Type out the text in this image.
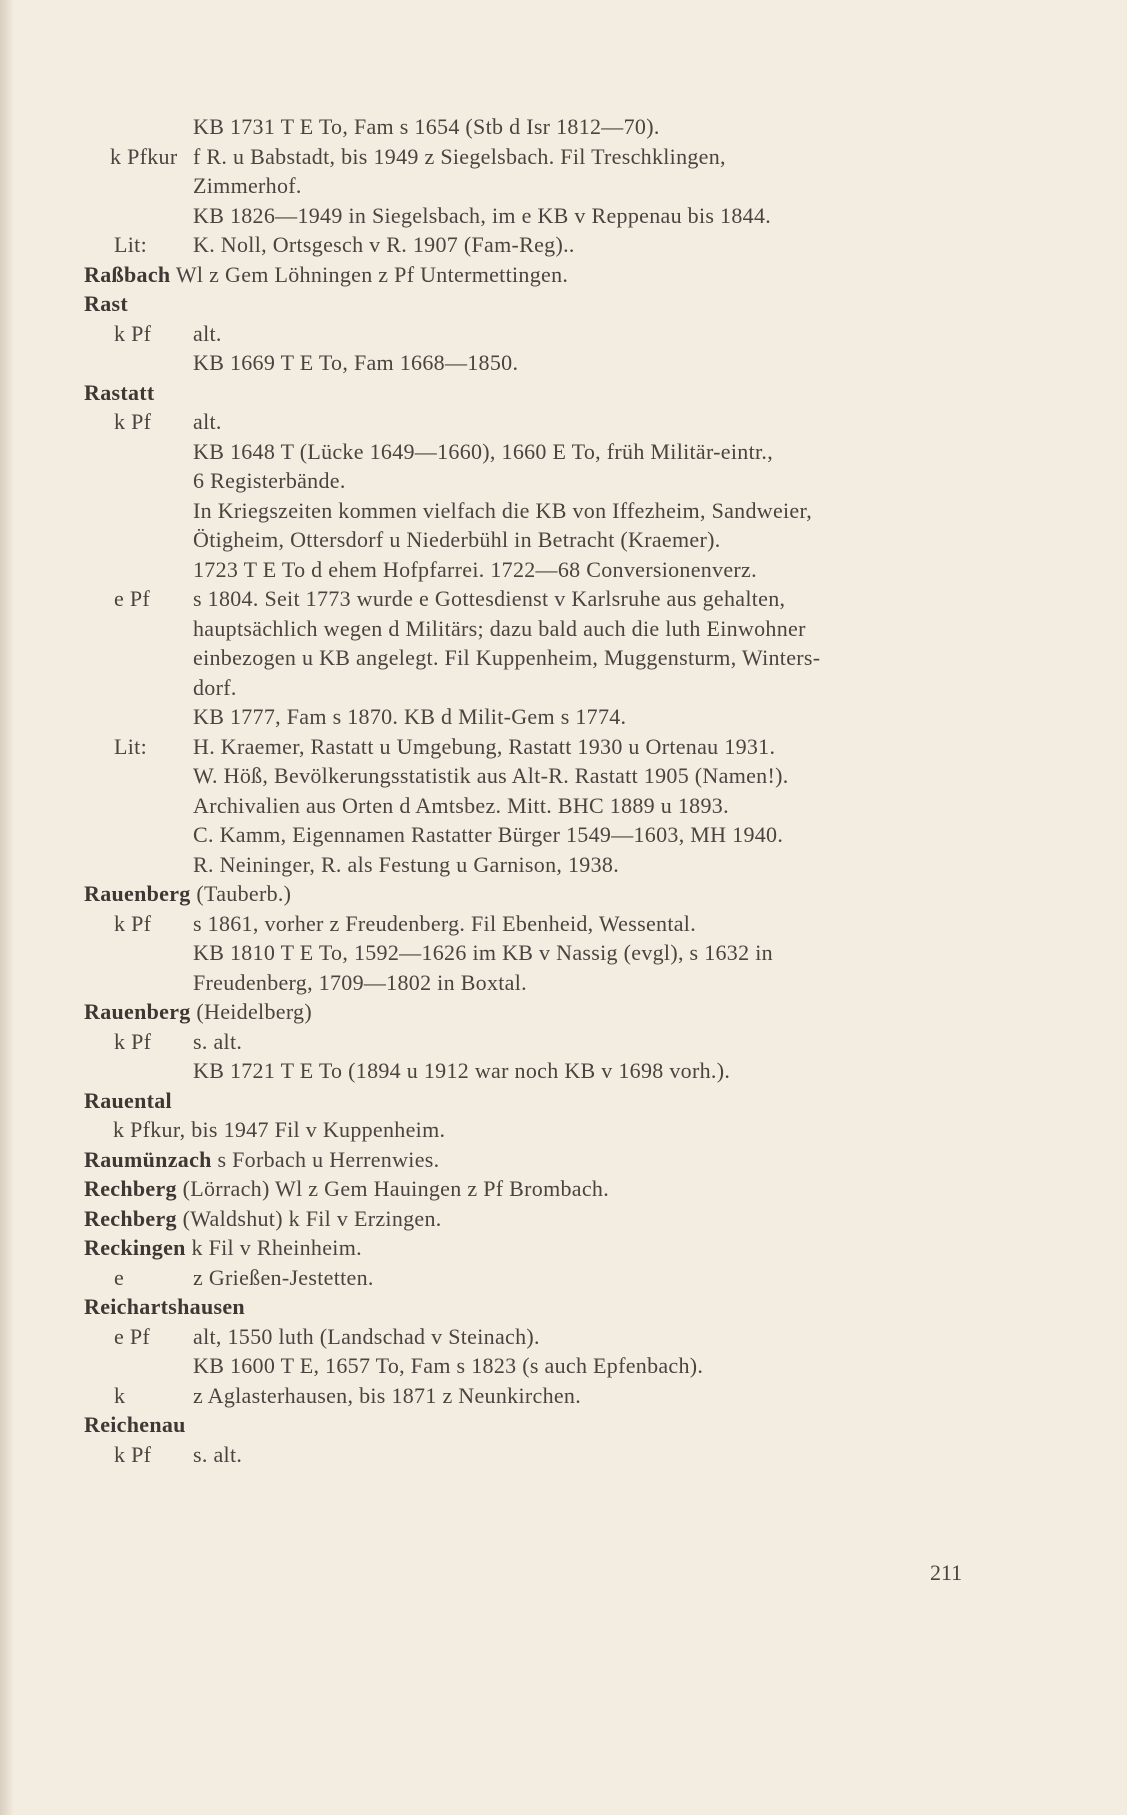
KB 1731 T E To, Fam s 1654 (Stb d Isr 1812—70).
k Pfkur f R. u Babstadt, bis 1949 z Siegelsbach. Fil Treschklingen,
Zimmerhof.
KB 1826—1949 in Siegelsbach, im e KB v Reppenau bis 1844.
Lit: K. Noll, Ortsgesch v R. 1907 (Fam-Reg)..
Raßbach Wl z Gem Löhningen z Pf Untermettingen.
Rast
k Pf alt.
KB 1669 T E To, Fam 1668—1850.
Rastatt
k Pf alt.
KB 1648 T (Lücke 1649—1660), 1660 E To, früh Militär-eintr.,
6 Registerbände.
In Kriegszeiten kommen vielfach die KB von Iffezheim, Sandweier,
Ötigheim, Ottersdorf u Niederbühl in Betracht (Kraemer).
1723 T E To d ehem Hofpfarrei. 1722—68 Conversionenverz.
e Pf s 1804. Seit 1773 wurde e Gottesdienst v Karlsruhe aus gehalten,
hauptsächlich wegen d Militärs; dazu bald auch die luth Einwohner
einbezogen u KB angelegt. Fil Kuppenheim, Muggensturm, Winters-
dorf.
KB 1777, Fam s 1870. KB d Milit-Gem s 1774.
Lit: H. Kraemer, Rastatt u Umgebung, Rastatt 1930 u Ortenau 1931.
W. Höß, Bevölkerungsstatistik aus Alt-R. Rastatt 1905 (Namen!).
Archivalien aus Orten d Amtsbez. Mitt. BHC 1889 u 1893.
C. Kamm, Eigennamen Rastatter Bürger 1549—1603, MH 1940.
R. Neininger, R. als Festung u Garnison, 1938.
Rauenberg (Tauberb.)
k Pf s 1861, vorher z Freudenberg. Fil Ebenheid, Wessental.
KB 1810 T E To, 1592—1626 im KB v Nassig (evgl), s 1632 in
Freudenberg, 1709—1802 in Boxtal.
Rauenberg (Heidelberg)
k Pf s. alt.
KB 1721 T E To (1894 u 1912 war noch KB v 1698 vorh.).
Rauental
k Pfkur, bis 1947 Fil v Kuppenheim.
Raumünzach s Forbach u Herrenwies.
Rechberg (Lörrach) Wl z Gem Hauingen z Pf Brombach.
Rechberg (Waldshut) k Fil v Erzingen.
Reckingen k Fil v Rheinheim.
e	z Grießen-Jestetten.
Reichartshausen
e Pf alt, 1550 luth (Landschad v Steinach).
KB 1600 T E, 1657 To, Fam s 1823 (s auch Epfenbach).
k	z Aglasterhausen, bis 1871 z Neunkirchen.
Reichenau
k Pf s. alt.
211
